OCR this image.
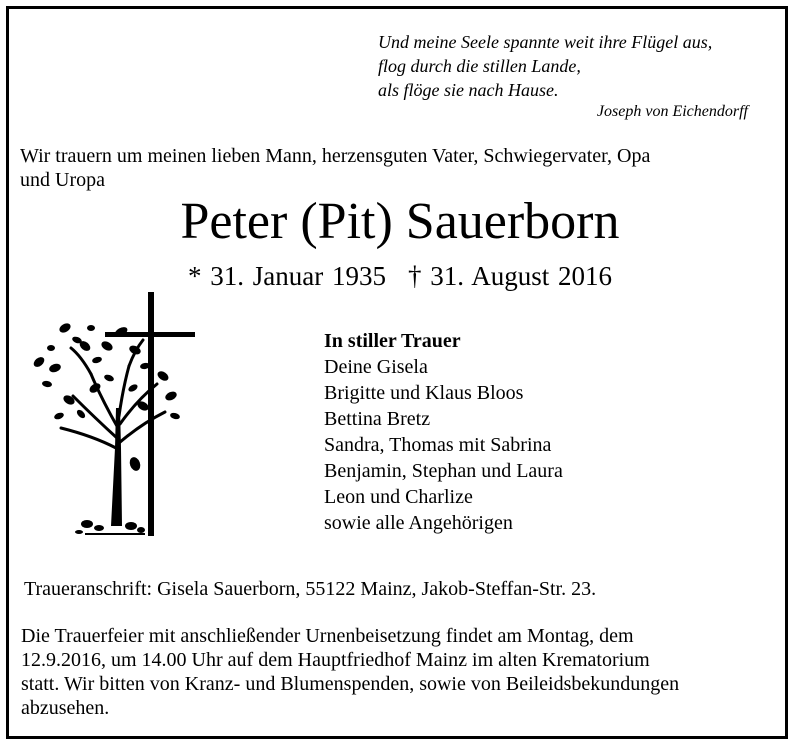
Und meine Seele spannte weit ihre Flügel aus,
flog durch die stillen Lande,
als flöge sie nach Hause.
Joseph von Eichendorff
Wir trauern um meinen lieben Mann, herzensguten Vater, Schwiegervater, Opa
und Uropa
Peter (Pit) Sauerborn
* 31. Januar 1935 † 31. August 2016
In stiller Trauer
Deine Gisela
Brigitte und Klaus Bloos
Bettina Bretz
Sandra, Thomas mit Sabrina
Benjamin, Stephan und Laura
Leon und Charlize
sowie alle Angehörigen
Traueranschrift: Gisela Sauerborn, 55122 Mainz, Jakob-Steffan-Str. 23.
Die Trauerfeier mit anschließender Urnenbeisetzung findet am Montag, dem
12.9.2016, um 14.00 Uhr auf dem Hauptfriedhof Mainz im alten Krematorium
statt. Wir bitten von Kranz- und Blumenspenden, sowie von Beileidsbekundungen
abzusehen.
